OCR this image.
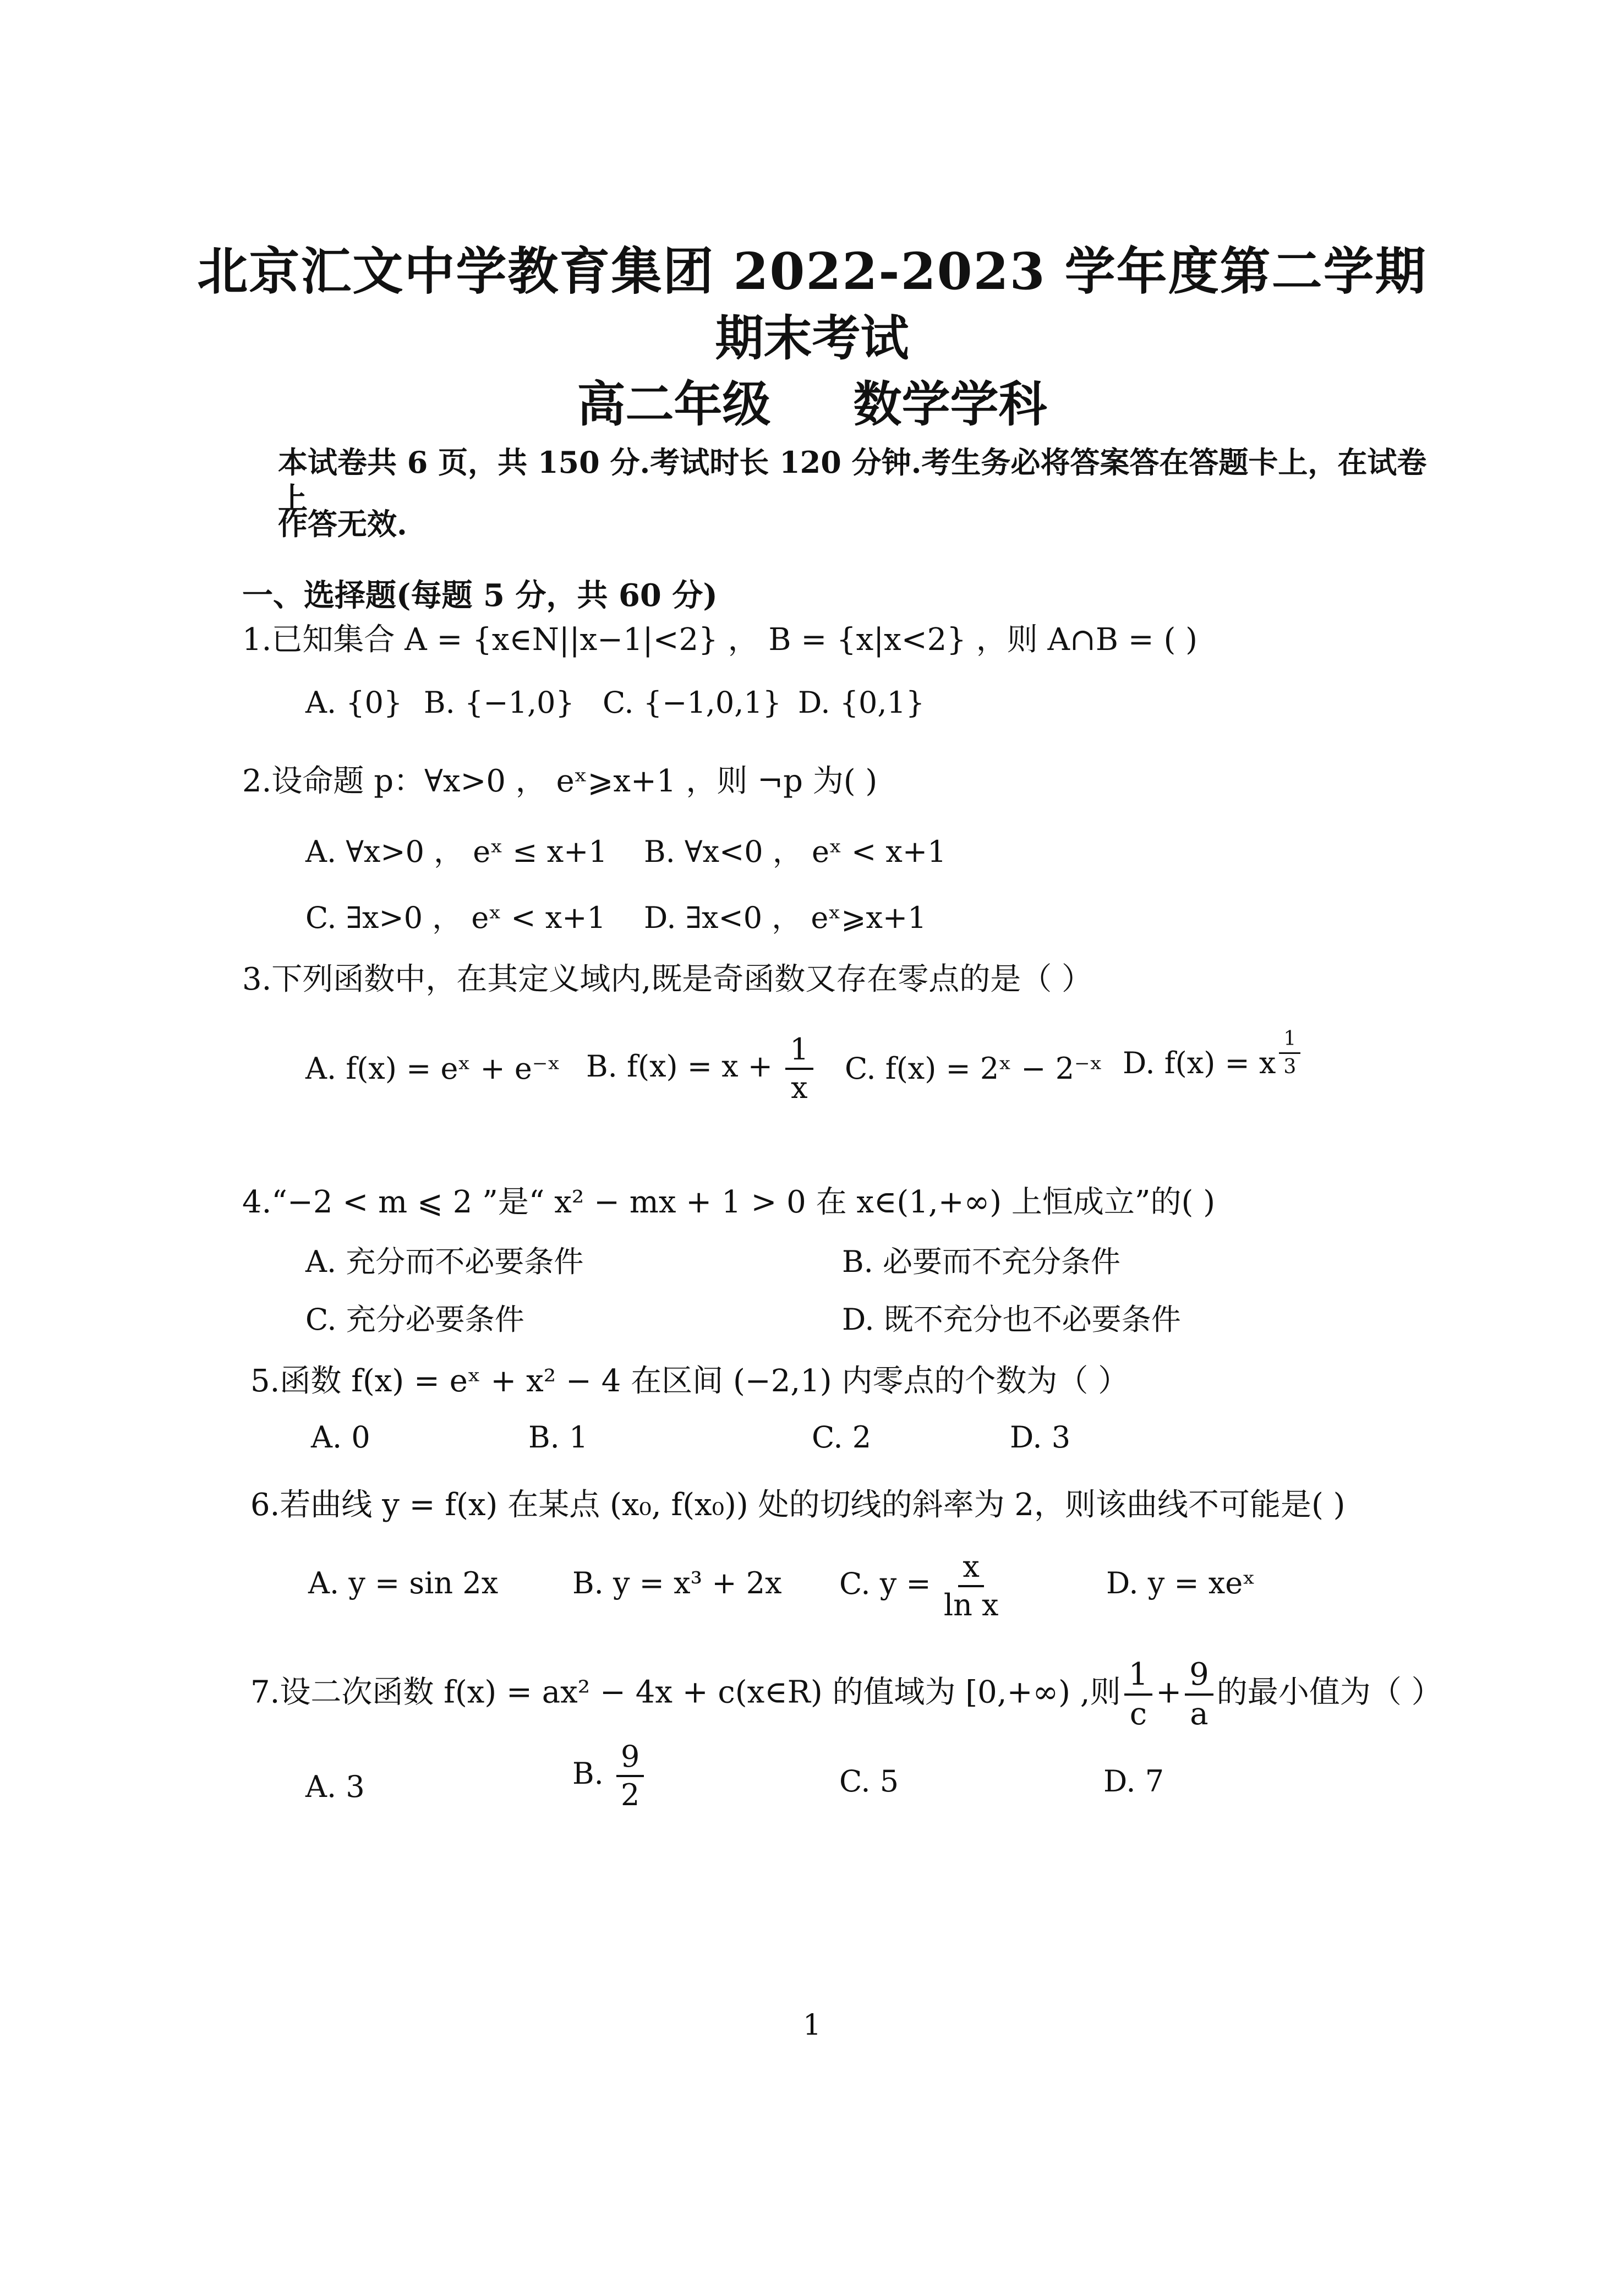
北京汇文中学教育集团 2022-2023 学年度第二学期
期末考试
高二年级 数学学科
本试卷共 6 页，共 150 分.考试时长 120 分钟.考生务必将答案答在答题卡上，在试卷上
作答无效.
一、选择题(每题 5 分，共 60 分)
1.已知集合 A = {x∈N||x−1|<2} ， B = {x|x<2} ，则 A∩B = ( )
A. {0} B. {−1,0} C. {−1,0,1} D. {0,1}
2.设命题 p：∀x>0 ， eˣ⩾x+1 ，则 ¬p 为( )
A. ∀x>0 ， eˣ ≤ x+1 B. ∀x<0 ， eˣ < x+1
C. ∃x>0 ， eˣ < x+1 D. ∃x<0 ， eˣ⩾x+1
3.下列函数中，在其定义域内,既是奇函数又存在零点的是（ ）
A. f(x) = eˣ + e⁻ˣ B. $f(x) = x + \frac{1}{x} C$. f(x) = 2ˣ − 2⁻ˣ D. f(x) = x $\frac{1}{3}$
4.“−2 < m ⩽ 2 ”是“ x² − mx + 1 > 0 在 x∈(1,+∞) 上恒成立”的( )
A. 充分而不必要条件	B. 必要而不充分条件
C. 充分必要条件	D. 既不充分也不必要条件
5.函数 f(x) = eˣ + x² − 4 在区间 (−2,1) 内零点的个数为（ ）
A. 0	B. 1	C. 2	D. 3
6.若曲线 y = f(x) 在某点 (x₀, f(x₀)) 处的切线的斜率为 2，则该曲线不可能是( )
A. y = sin 2x B. y = x³ + 2x C. $y = \frac{x}{\text{ln x}}$	D. y = xeˣ
7.设二次函数 f(x) = ax² − 4x + c(x∈R) 的值域为 [0,+∞) ,则 $\frac{1}{c} + \frac{9}{a}$ 的最小值为（ ）
A. 3	B. $\frac{9}{2}$	C. 5	D. 7
1
